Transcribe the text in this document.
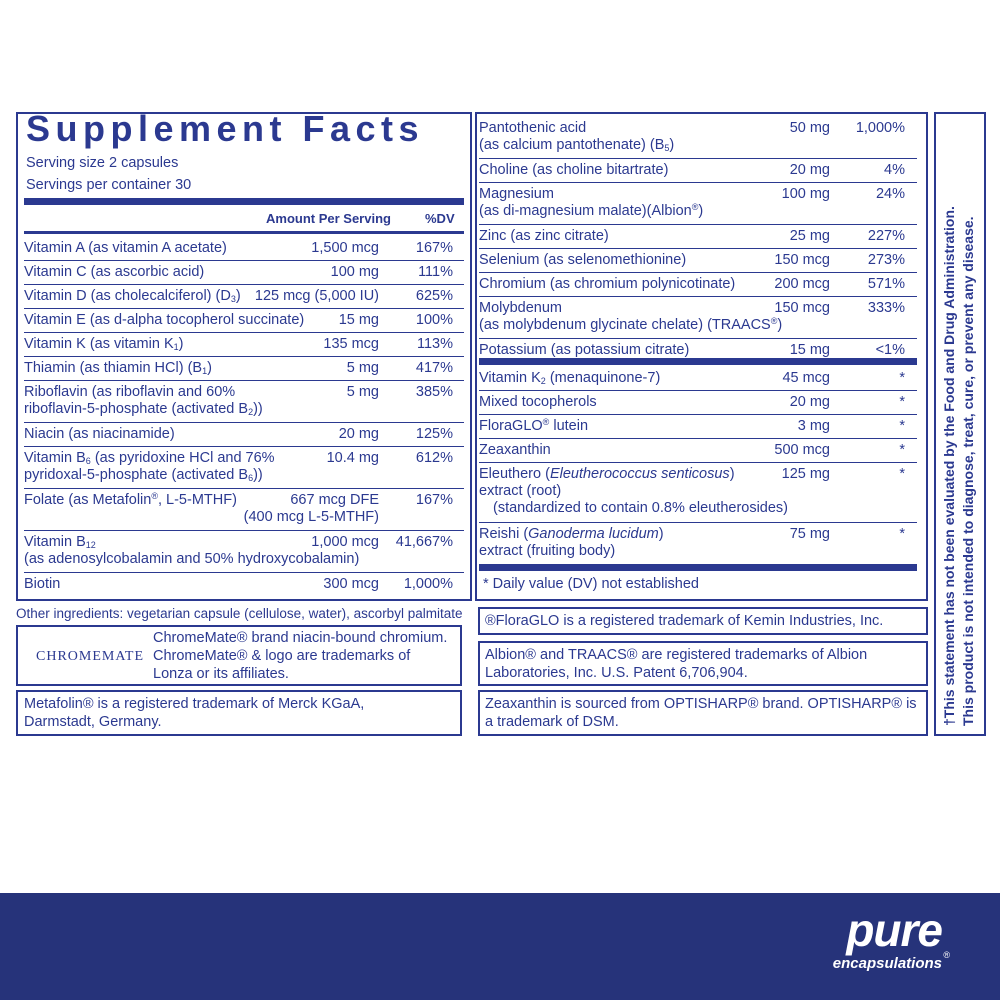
Supplement Facts
Serving size 2 capsules
Servings per container 30
Amount Per Serving	%DV
Vitamin A (as vitamin A acetate)	1,500 mcg	167%
Vitamin C (as ascorbic acid)	100 mg	111%
Vitamin D (as cholecalciferol) $(D_3)$ 125 mcg (5,000 IU)	625%
Vitamin E (as d-alpha tocopherol succinate) 15 mg	100%
Vitamin K (as vitamin $K_1$)	135 mcg	113%
Thiamin (as thiamin HCl) $(B_1)$	5 mg	417%
Riboflavin (as riboflavin and 60%
riboflavin-5-phosphate (activated $B_2$))
5 mg	385%
Niacin (as niacinamide)	20 mg	125%
Vitamin $B_6$ (as pyridoxine HCl and 76%
pyridoxal-5-phosphate (activated $B_6$))
10.4 mg	612%
Folate (as Metafolin®, L-5-MTHF)	667 mcg DFE
(400 mcg L-5-MTHF)
167%
Vitamin $B_{12}$
(as adenosylcobalamin and 50% hydroxycobalamin)
1,000 mcg 41,667%
Biotin	300 mcg 1,000%
Pantothenic acid
(as calcium pantothenate) $(B_5)$
50 mg 1,000%
Choline (as choline bitartrate)	20 mg	4%
Magnesium
(as di-magnesium malate)(Albion®)
100 mg	24%
Zinc (as zinc citrate)	25 mg	227%
Selenium (as selenomethionine)	150 mcg	273%
Chromium (as chromium polynicotinate)	200 mcg	571%
Molybdenum
(as molybdenum glycinate chelate) (TRAACS®)
150 mcg	333%
Potassium (as potassium citrate)	15 mg	<1%
Vitamin $K_2$ (menaquinone-7)	45 mcg	*
Mixed tocopherols	20 mg	*
FloraGLO® lutein	3 mg	*
Zeaxanthin	500 mcg	*
Eleuthero (Eleutherococcus senticosus)
extract (root)
(standardized to contain 0.8% eleutherosides)
125 mg	*
Reishi (Ganoderma lucidum)
extract (fruiting body)
75 mg	*
* Daily value (DV) not established
Other ingredients: vegetarian capsule (cellulose, water), ascorbyl palmitate
CHROMEMATE
ChromeMate® brand niacin-bound chromium.
ChromeMate® & logo are trademarks of
Lonza or its affiliates.
Metafolin® is a registered trademark of Merck KGaA,
Darmstadt, Germany.
®FloraGLO is a registered trademark of Kemin Industries, Inc.
Albion® and TRAACS® are registered trademarks of Albion
Laboratories, Inc. U.S. Patent 6,706,904.
Zeaxanthin is sourced from OPTISHARP® brand. OPTISHARP® is
a trademark of DSM.	†This statement has not been evaluated by the Food and Drug Administration. This product is not intended to diagnose, treat, cure, or prevent any disease.
pure
encapsulations ®
